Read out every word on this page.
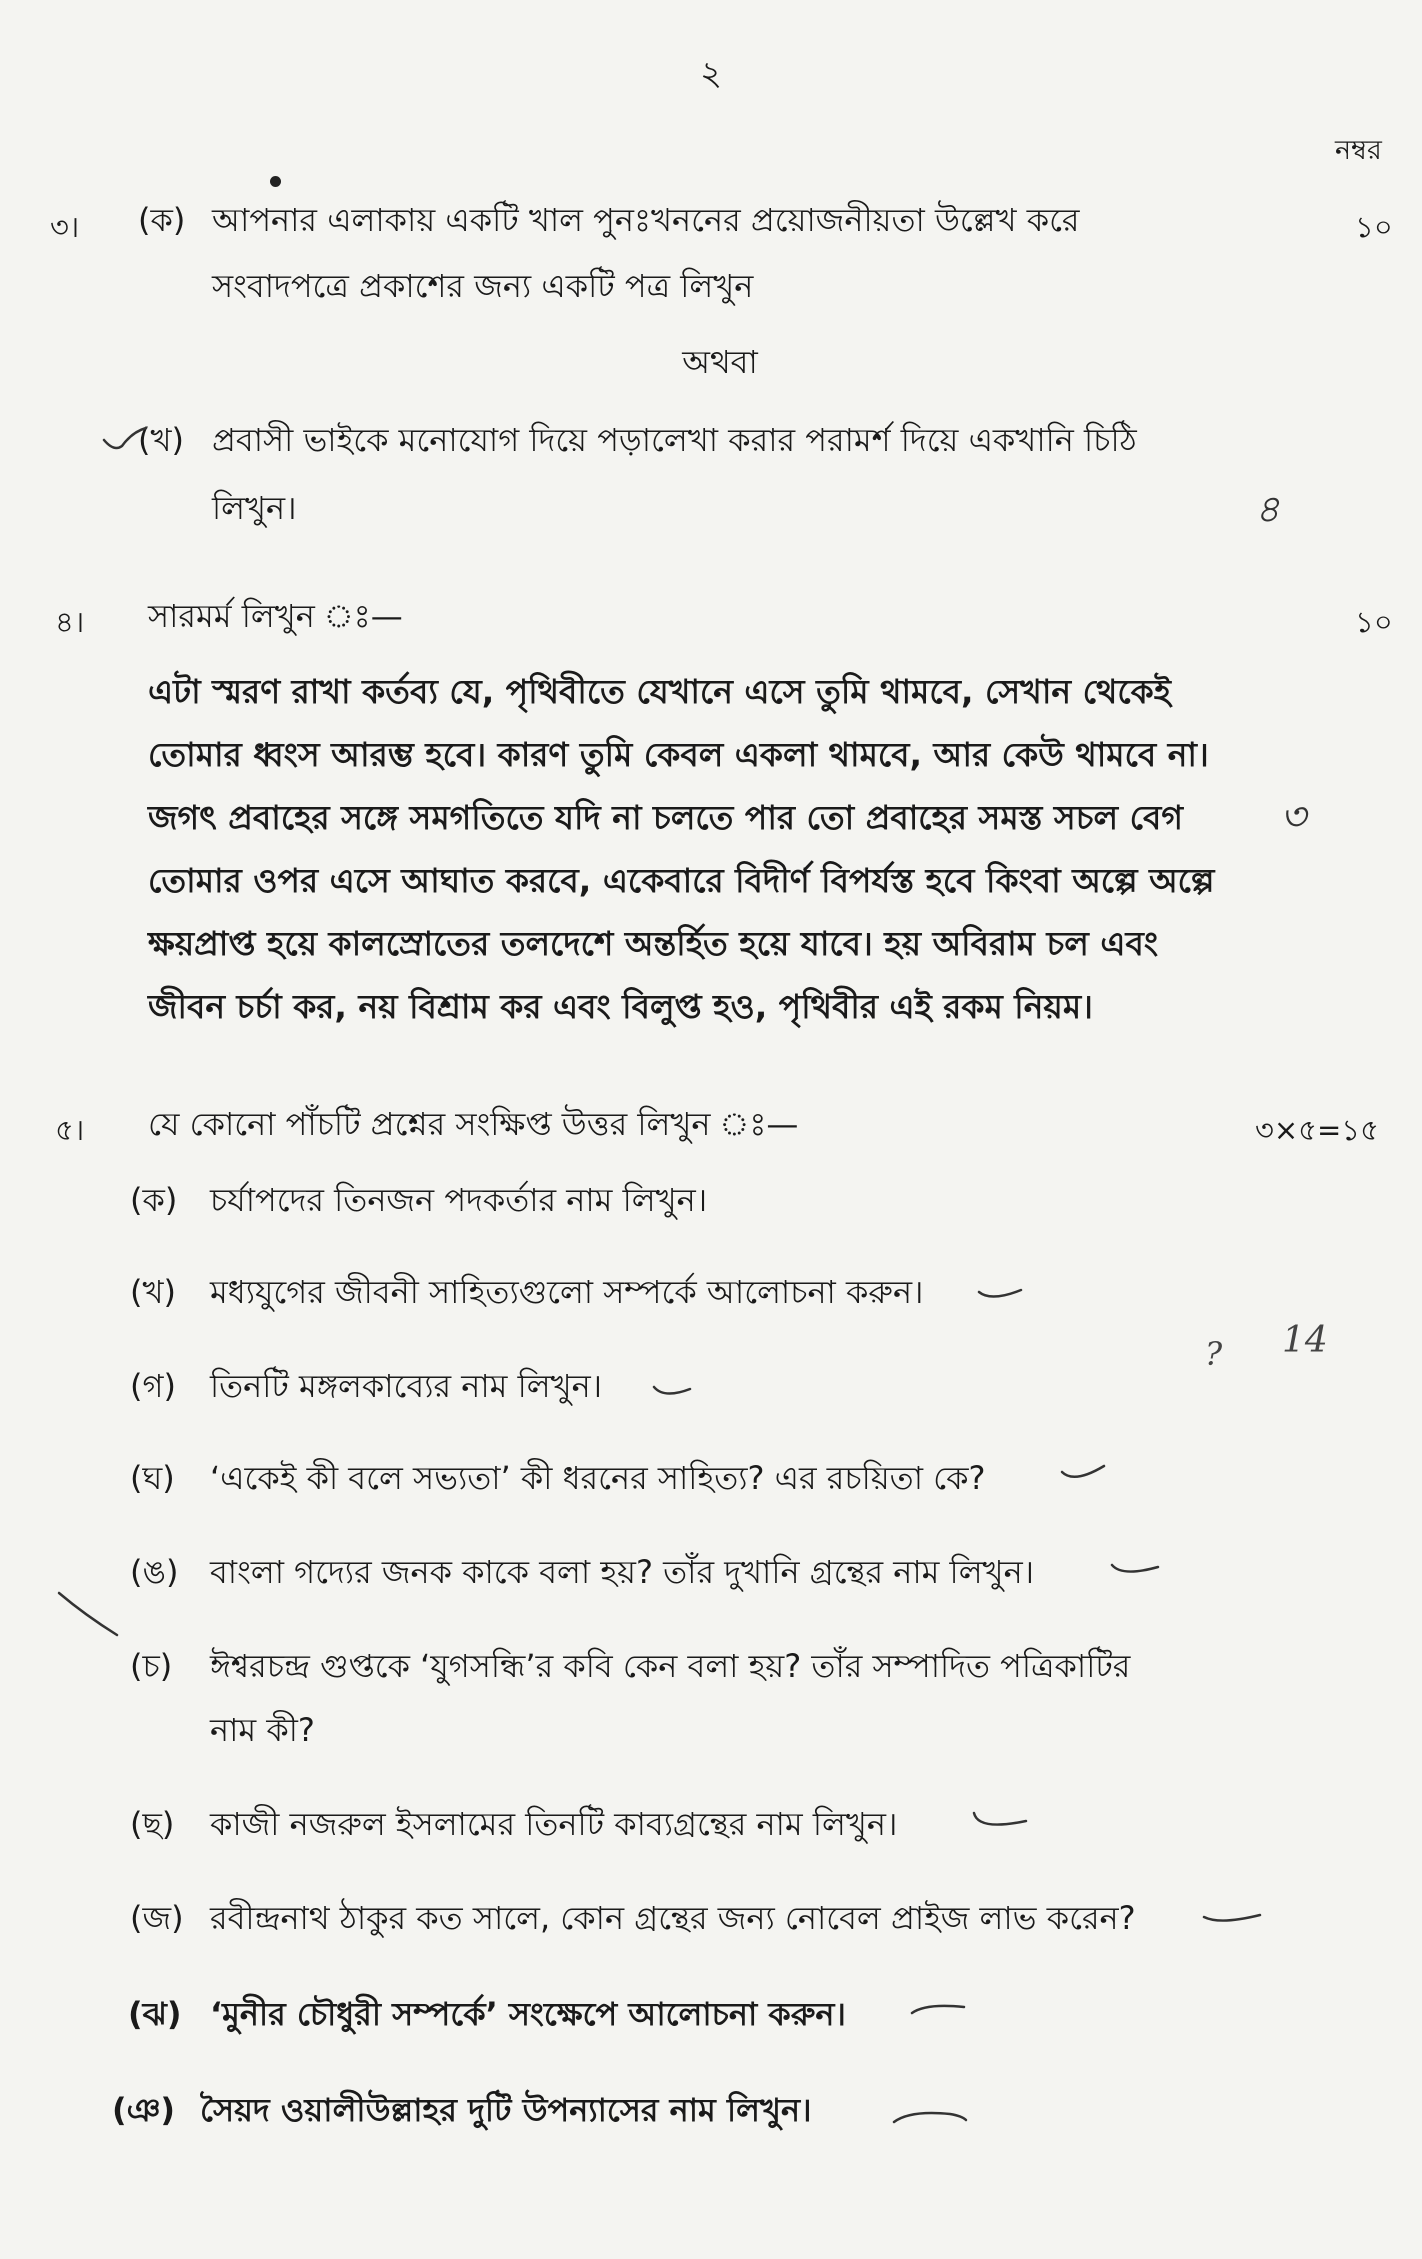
২
নম্বর
৩। (ক) আপনার এলাকায় একটি খাল পুনঃখননের প্রয়োজনীয়তা উল্লেখ করে
সংবাদপত্রে প্রকাশের জন্য একটি পত্র লিখুন
১০
অথবা
(খ) প্রবাসী ভাইকে মনোযোগ দিয়ে পড়ালেখা করার পরামর্শ দিয়ে একখানি চিঠি
লিখুন।
৪। সারমর্ম লিখুন ঃ—	১০
এটা স্মরণ রাখা কর্তব্য যে, পৃথিবীতে যেখানে এসে তুমি থামবে, সেখান থেকেই
তোমার ধ্বংস আরম্ভ হবে। কারণ তুমি কেবল একলা থামবে, আর কেউ থামবে না।
জগৎ প্রবাহের সঙ্গে সমগতিতে যদি না চলতে পার তো প্রবাহের সমস্ত সচল বেগ
তোমার ওপর এসে আঘাত করবে, একেবারে বিদীর্ণ বিপর্যস্ত হবে কিংবা অল্পে অল্পে
ক্ষয়প্রাপ্ত হয়ে কালস্রোতের তলদেশে অন্তর্হিত হয়ে যাবে। হয় অবিরাম চল এবং
জীবন চর্চা কর, নয় বিশ্রাম কর এবং বিলুপ্ত হও, পৃথিবীর এই রকম নিয়ম।
৫। যে কোনো পাঁচটি প্রশ্নের সংক্ষিপ্ত উত্তর লিখুন ঃ—	৩×৫=১৫
(ক) চর্যাপদের তিনজন পদকর্তার নাম লিখুন।
(খ) মধ্যযুগের জীবনী সাহিত্যগুলো সম্পর্কে আলোচনা করুন।
(গ) তিনটি মঙ্গলকাব্যের নাম লিখুন।
(ঘ) ‘একেই কী বলে সভ্যতা’ কী ধরনের সাহিত্য? এর রচয়িতা কে?
(ঙ) বাংলা গদ্যের জনক কাকে বলা হয়? তাঁর দুখানি গ্রন্থের নাম লিখুন।
(চ) ঈশ্বরচন্দ্র গুপ্তকে ‘যুগসন্ধি’র কবি কেন বলা হয়? তাঁর সম্পাদিত পত্রিকাটির
নাম কী?
(ছ) কাজী নজরুল ইসলামের তিনটি কাব্যগ্রন্থের নাম লিখুন।
(জ) রবীন্দ্রনাথ ঠাকুর কত সালে, কোন গ্রন্থের জন্য নোবেল প্রাইজ লাভ করেন?
(ঝ) ‘মুনীর চৌধুরী সম্পর্কে’ সংক্ষেপে আলোচনা করুন।
(ঞ) সৈয়দ ওয়ালীউল্লাহর দুটি উপন্যাসের নাম লিখুন।
৪
৩
14
?
